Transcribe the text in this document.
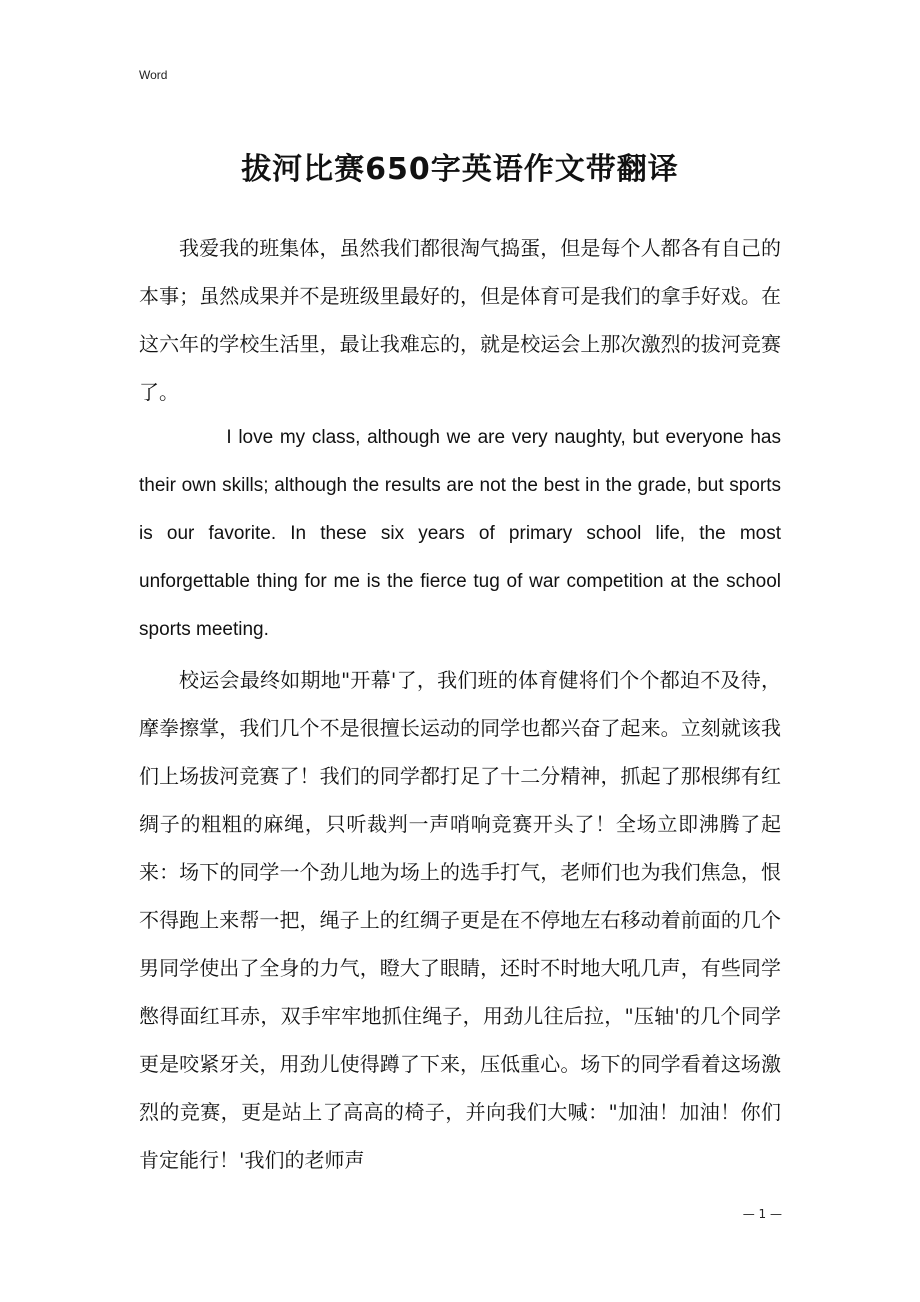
Word
拔河比赛650字英语作文带翻译

我爱我的班集体，虽然我们都很淘气捣蛋，但是每个人都各有自己的本事；虽然成果并不是班级里最好的，但是体育可是我们的拿手好戏。在这六年的学校生活里，最让我难忘的，就是校运会上那次激烈的拔河竞赛了。

I love my class, although we are very naughty, but everyone has their own skills; although the results are not the best in the grade, but sports is our favorite. In these six years of primary school life, the most unforgettable thing for me is the fierce tug of war competition at the school sports meeting.

校运会最终如期地"开幕'了，我们班的体育健将们个个都迫不及待，摩拳擦掌，我们几个不是很擅长运动的同学也都兴奋了起来。立刻就该我们上场拔河竞赛了！我们的同学都打足了十二分精神，抓起了那根绑有红绸子的粗粗的麻绳，只听裁判一声哨响竞赛开头了！全场立即沸腾了起来：场下的同学一个劲儿地为场上的选手打气，老师们也为我们焦急，恨不得跑上来帮一把，绳子上的红绸子更是在不停地左右移动着前面的几个男同学使出了全身的力气，瞪大了眼睛，还时不时地大吼几声，有些同学憋得面红耳赤，双手牢牢地抓住绳子，用劲儿往后拉，"压轴'的几个同学更是咬紧牙关，用劲儿使得蹲了下来，压低重心。场下的同学看着这场激烈的竞赛，更是站上了高高的椅子，并向我们大喊："加油！加油！你们肯定能行！'我们的老师声

— 1 —
